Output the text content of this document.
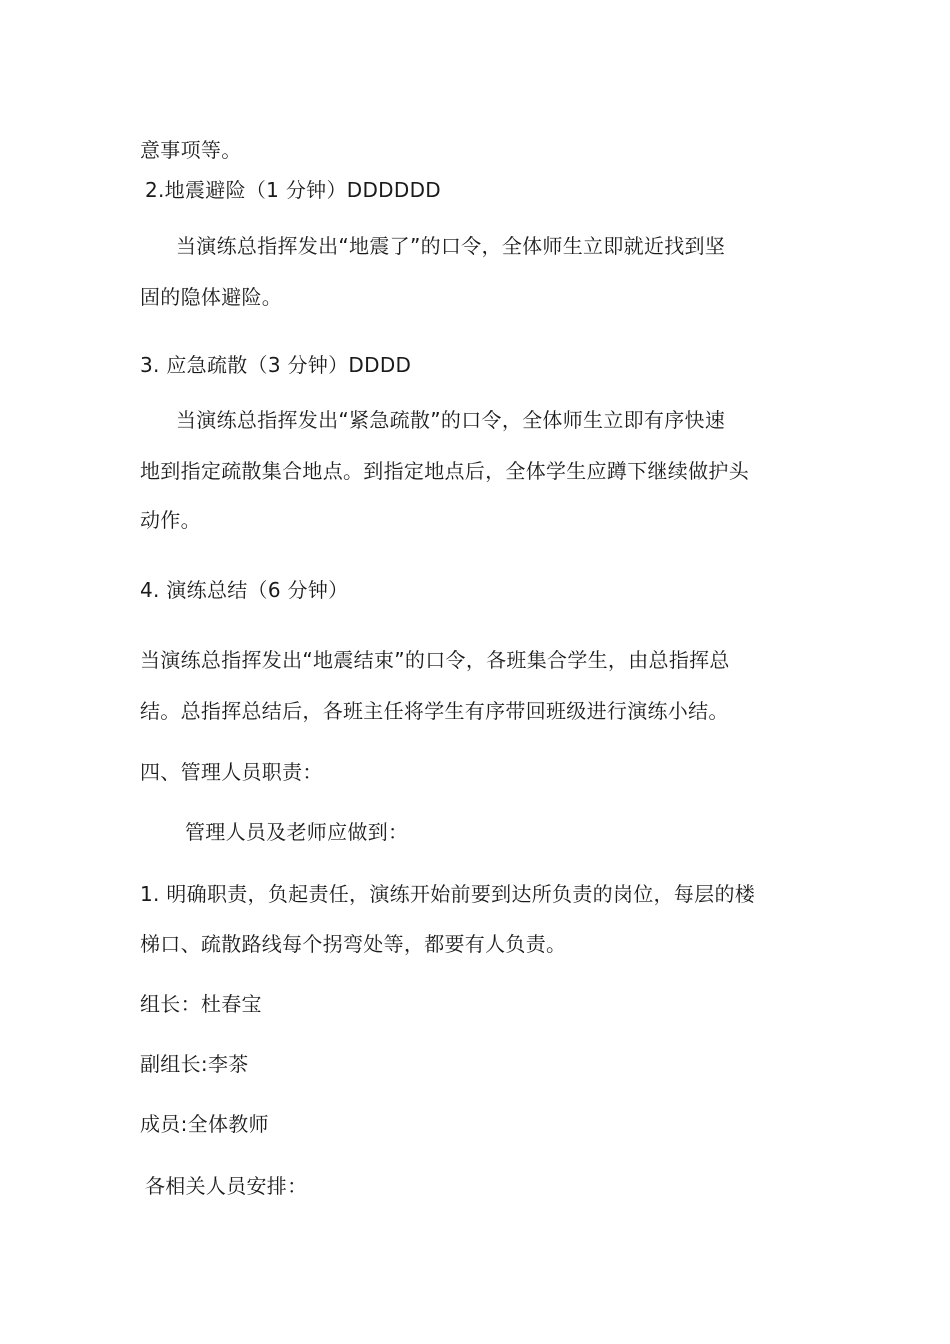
意事项等。
2.地震避险（1 分钟）DDDDDD
当演练总指挥发出“地震了”的口令，全体师生立即就近找到坚
固的隐体避险。
3. 应急疏散（3 分钟）DDDD
当演练总指挥发出“紧急疏散”的口令，全体师生立即有序快速
地到指定疏散集合地点。到指定地点后，全体学生应蹲下继续做护头
动作。
4. 演练总结（6 分钟）
当演练总指挥发出“地震结束”的口令，各班集合学生，由总指挥总
结。总指挥总结后，各班主任将学生有序带回班级进行演练小结。
四、管理人员职责：
管理人员及老师应做到：
1. 明确职责，负起责任，演练开始前要到达所负责的岗位，每层的楼
梯口、疏散路线每个拐弯处等，都要有人负责。
组长：杜春宝
副组长:李茶
成员:全体教师
各相关人员安排：
